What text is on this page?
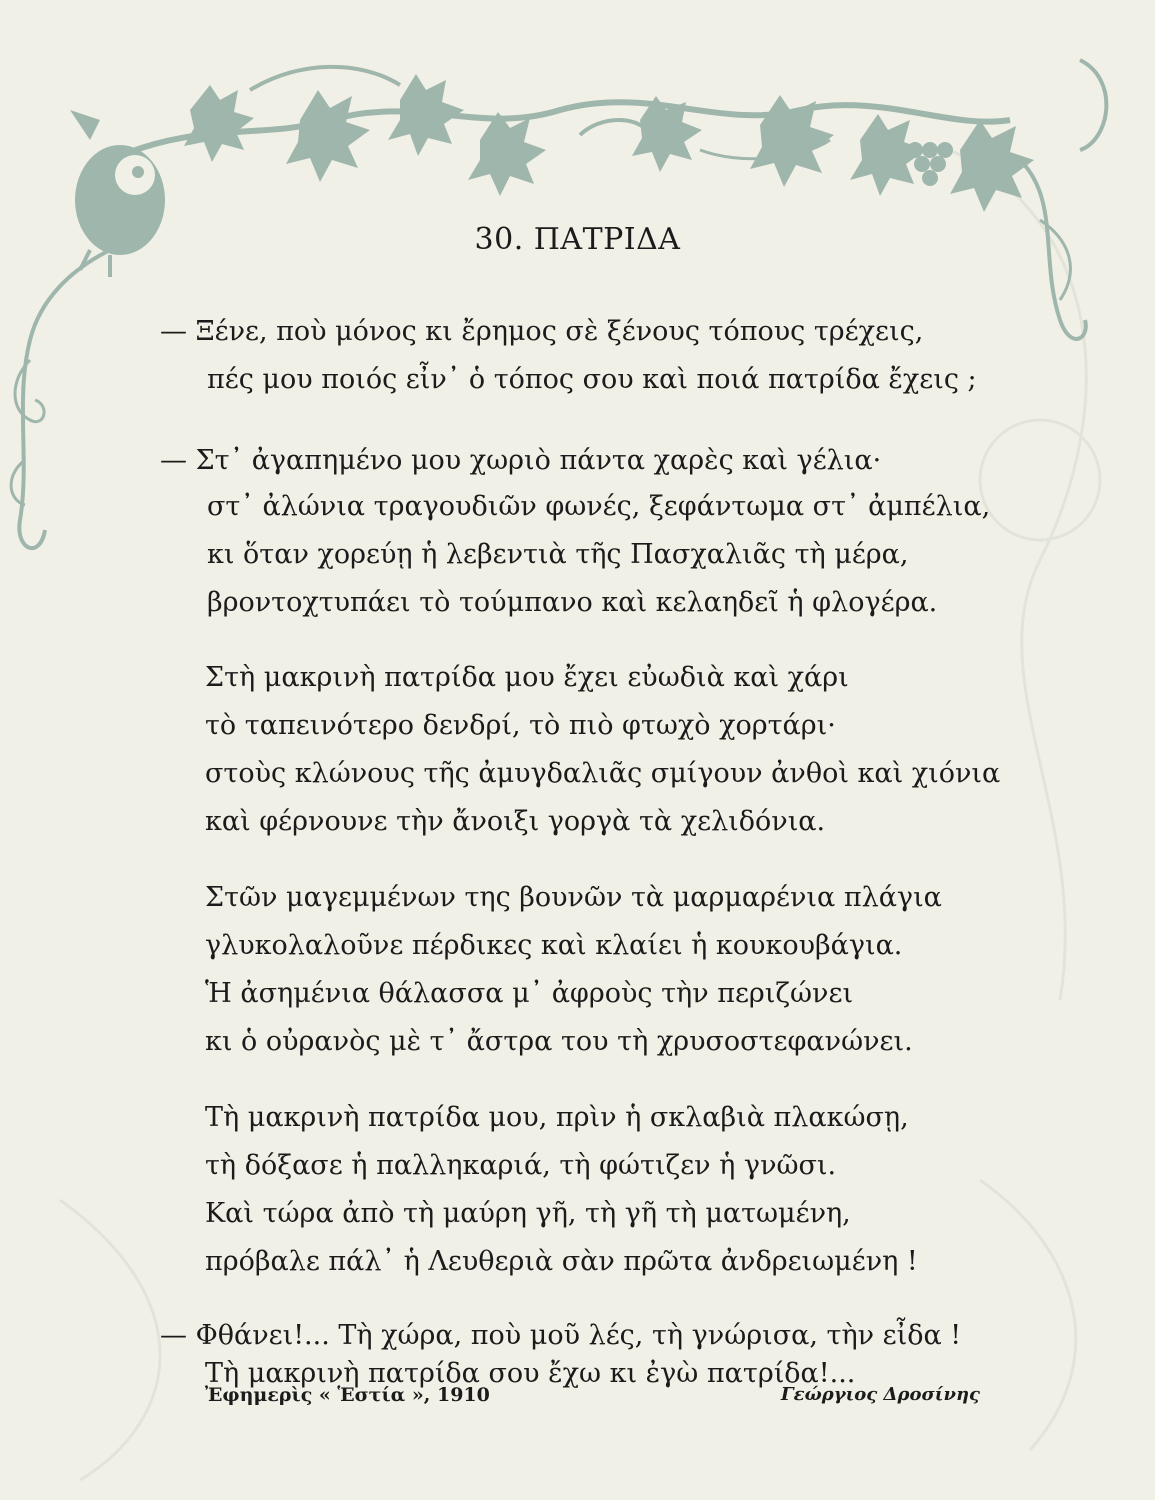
30. ΠΑΤΡΙΔΑ
— Ξένε, ποὺ μόνος κι ἔρημος σὲ ξένους τόπους τρέχεις,
πές μου ποιός εἶν᾽ ὁ τόπος σου καὶ ποιά πατρίδα ἔχεις ;
— Στ᾽ ἀγαπημένο μου χωριὸ πάντα χαρὲς καὶ γέλια·
στ᾽ ἀλώνια τραγουδιῶν φωνές, ξεφάντωμα στ᾽ ἀμπέλια,
κι ὅταν χορεύῃ ἡ λεβεντιὰ τῆς Πασχαλιᾶς τὴ μέρα,
βροντοχτυπάει τὸ τούμπανο καὶ κελαηδεῖ ἡ φλογέρα.
Στὴ μακρινὴ πατρίδα μου ἔχει εὐωδιὰ καὶ χάρι
τὸ ταπεινότερο δενδρί, τὸ πιὸ φτωχὸ χορτάρι·
στοὺς κλώνους τῆς ἀμυγδαλιᾶς σμίγουν ἀνθοὶ καὶ χιόνια
καὶ φέρνουνε τὴν ἄνοιξι γοργὰ τὰ χελιδόνια.
Στῶν μαγεμμένων της βουνῶν τὰ μαρμαρένια πλάγια
γλυκολαλοῦνε πέρδικες καὶ κλαίει ἡ κουκουβάγια.
Ἡ ἀσημένια θάλασσα μ᾽ ἀφροὺς τὴν περιζώνει
κι ὁ οὐρανὸς μὲ τ᾽ ἄστρα του τὴ χρυσοστεφανώνει.
Τὴ μακρινὴ πατρίδα μου, πρὶν ἡ σκλαβιὰ πλακώσῃ,
τὴ δόξασε ἡ παλληκαριά, τὴ φώτιζεν ἡ γνῶσι.
Καὶ τώρα ἀπὸ τὴ μαύρη γῆ, τὴ γῆ τὴ ματωμένη,
πρόβαλε πάλ᾽ ἡ Λευθεριὰ σὰν πρῶτα ἀνδρειωμένη !
— Φθάνει!... Τὴ χώρα, ποὺ μοῦ λές, τὴ γνώρισα, τὴν εἶδα !
Τὴ μακρινὴ πατρίδα σου ἔχω κι ἐγὼ πατρίδα!...
Ἐφημερὶς « Ἑστία », 1910	Γεώργιος Δροσίνης
